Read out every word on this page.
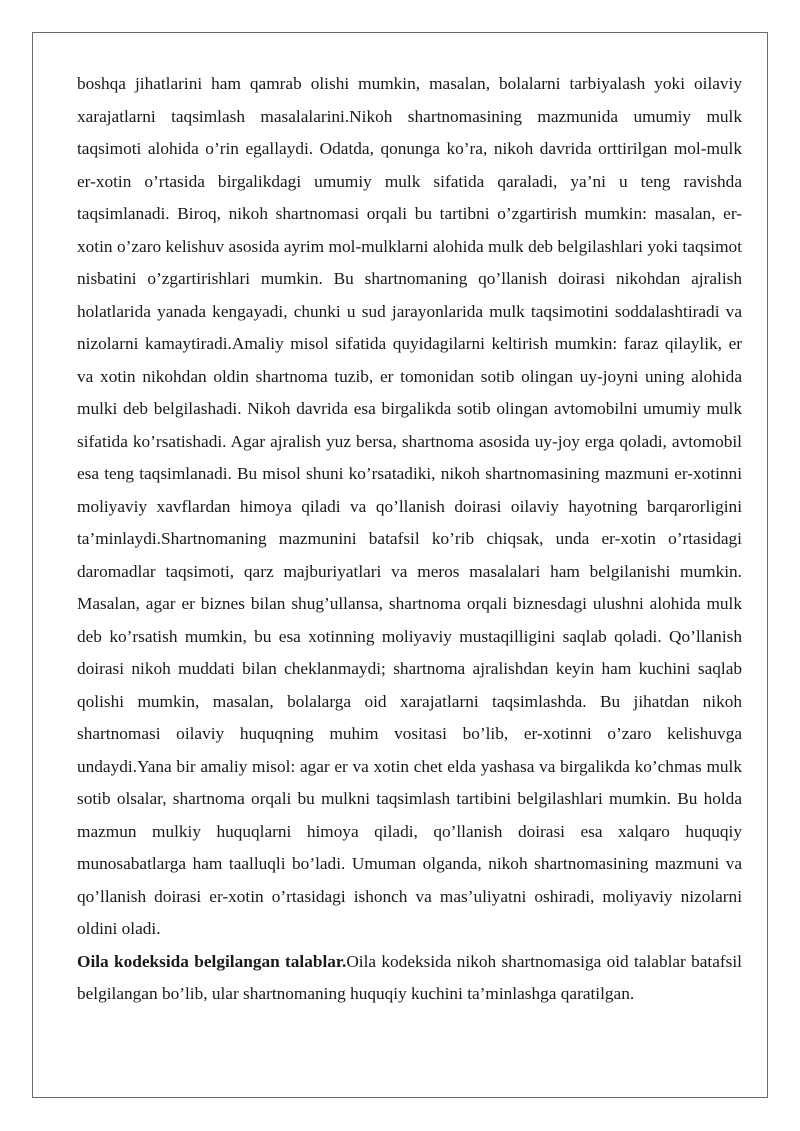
boshqa jihatlarini ham qamrab olishi mumkin, masalan, bolalarni tarbiyalash yoki oilaviy xarajatlarni taqsimlash masalalarini.Nikoh shartnomasining mazmunida umumiy mulk taqsimoti alohida o’rin egallaydi. Odatda, qonunga ko’ra, nikoh davrida orttirilgan mol-mulk er-xotin o’rtasida birgalikdagi umumiy mulk sifatida qaraladi, ya’ni u teng ravishda taqsimlanadi. Biroq, nikoh shartnomasi orqali bu tartibni o’zgartirish mumkin: masalan, er-xotin o’zaro kelishuv asosida ayrim mol-mulklarni alohida mulk deb belgilashlari yoki taqsimot nisbatini o’zgartirishlari mumkin. Bu shartnomaning qo’llanish doirasi nikohdan ajralish holatlarida yanada kengayadi, chunki u sud jarayonlarida mulk taqsimotini soddalashtiradi va nizolarni kamaytiradi.Amaliy misol sifatida quyidagilarni keltirish mumkin: faraz qilaylik, er va xotin nikohdan oldin shartnoma tuzib, er tomonidan sotib olingan uy-joyni uning alohida mulki deb belgilashadi. Nikoh davrida esa birgalikda sotib olingan avtomobilni umumiy mulk sifatida ko’rsatishadi. Agar ajralish yuz bersa, shartnoma asosida uy-joy erga qoladi, avtomobil esa teng taqsimlanadi. Bu misol shuni ko’rsatadiki, nikoh shartnomasining mazmuni er-xotinni moliyaviy xavflardan himoya qiladi va qo’llanish doirasi oilaviy hayotning barqarorligini ta’minlaydi.Shartnomaning mazmunini batafsil ko’rib chiqsak, unda er-xotin o’rtasidagi daromadlar taqsimoti, qarz majburiyatlari va meros masalalari ham belgilanishi mumkin. Masalan, agar er biznes bilan shug’ullansa, shartnoma orqali biznesdagi ulushni alohida mulk deb ko’rsatish mumkin, bu esa xotinning moliyaviy mustaqilligini saqlab qoladi. Qo’llanish doirasi nikoh muddati bilan cheklanmaydi; shartnoma ajralishdan keyin ham kuchini saqlab qolishi mumkin, masalan, bolalarga oid xarajatlarni taqsimlashda. Bu jihatdan nikoh shartnomasi oilaviy huquqning muhim vositasi bo’lib, er-xotinni o’zaro kelishuvga undaydi.Yana bir amaliy misol: agar er va xotin chet elda yashasa va birgalikda ko’chmas mulk sotib olsalar, shartnoma orqali bu mulkni taqsimlash tartibini belgilashlari mumkin. Bu holda mazmun mulkiy huquqlarni himoya qiladi, qo’llanish doirasi esa xalqaro huquqiy munosabatlarga ham taalluqli bo’ladi. Umuman olganda, nikoh shartnomasining mazmuni va qo’llanish doirasi er-xotin o’rtasidagi ishonch va mas’uliyatni oshiradi, moliyaviy nizolarni oldini oladi.

Oila kodeksida belgilangan talablar.Oila kodeksida nikoh shartnomasiga oid talablar batafsil belgilangan bo’lib, ular shartnomaning huquqiy kuchini ta’minlashga qaratilgan.
